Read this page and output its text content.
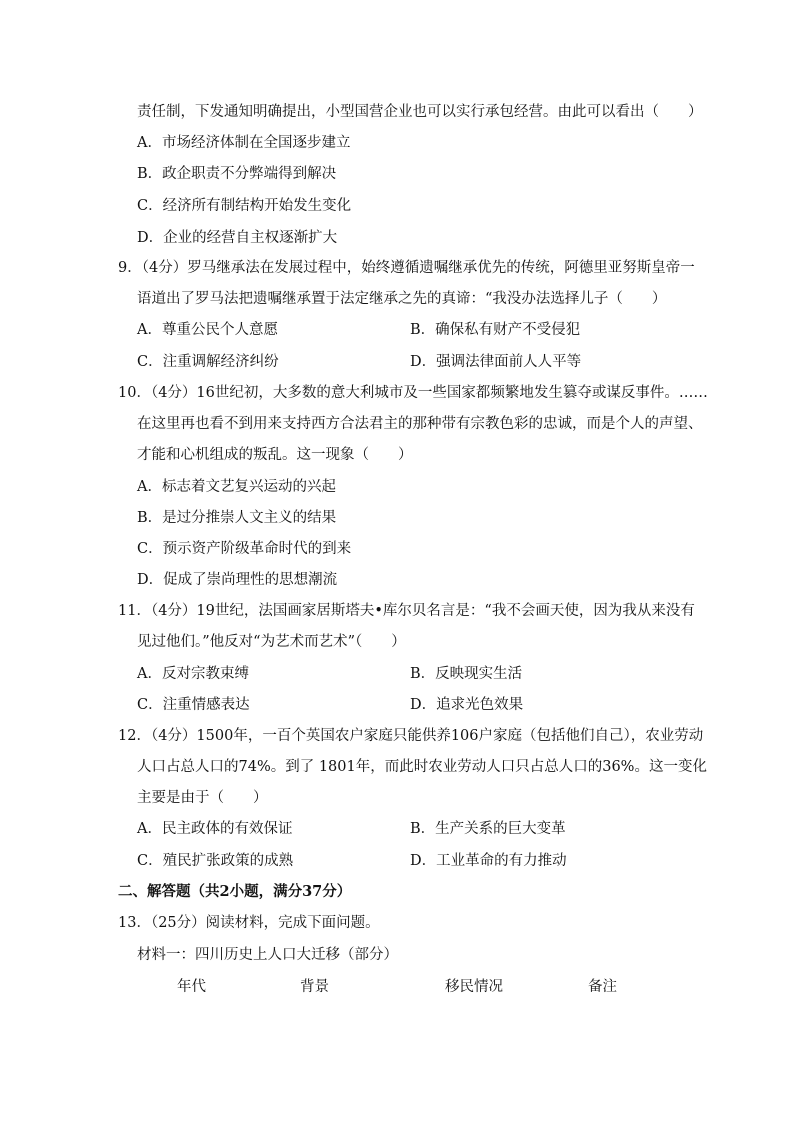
责任制，下发通知明确提出，小型国营企业也可以实行承包经营。由此可以看出（　　）
A．市场经济体制在全国逐步建立
B．政企职责不分弊端得到解决
C．经济所有制结构开始发生变化
D．企业的经营自主权逐渐扩大
9．（4分）罗马继承法在发展过程中，始终遵循遗嘱继承优先的传统，阿德里亚努斯皇帝一
语道出了罗马法把遗嘱继承置于法定继承之先的真谛：“我没办法选择儿子（　　）
A．尊重公民个人意愿	B．确保私有财产不受侵犯
C．注重调解经济纠纷	D．强调法律面前人人平等
10．（4分）16世纪初，大多数的意大利城市及一些国家都频繁地发生篡夺或谋反事件。……
在这里再也看不到用来支持西方合法君主的那种带有宗教色彩的忠诚，而是个人的声望、
才能和心机组成的叛乱。这一现象（　　）
A．标志着文艺复兴运动的兴起
B．是过分推崇人文主义的结果
C．预示资产阶级革命时代的到来
D．促成了崇尚理性的思想潮流
11．（4分）19世纪，法国画家居斯塔夫•库尔贝名言是：“我不会画天使，因为我从来没有
见过他们。”他反对“为艺术而艺术”（　　）
A．反对宗教束缚	B．反映现实生活
C．注重情感表达	D．追求光色效果
12．（4分）1500年，一百个英国农户家庭只能供养106户家庭（包括他们自己），农业劳动
人口占总人口的74%。到了 1801年，而此时农业劳动人口只占总人口的36%。这一变化
主要是由于（　　）
A．民主政体的有效保证	B．生产关系的巨大变革
C．殖民扩张政策的成熟	D．工业革命的有力推动
二、解答题（共2小题，满分37分）
13．（25分）阅读材料，完成下面问题。
材料一：四川历史上人口大迁移（部分）
年代	背景	移民情况	备注
